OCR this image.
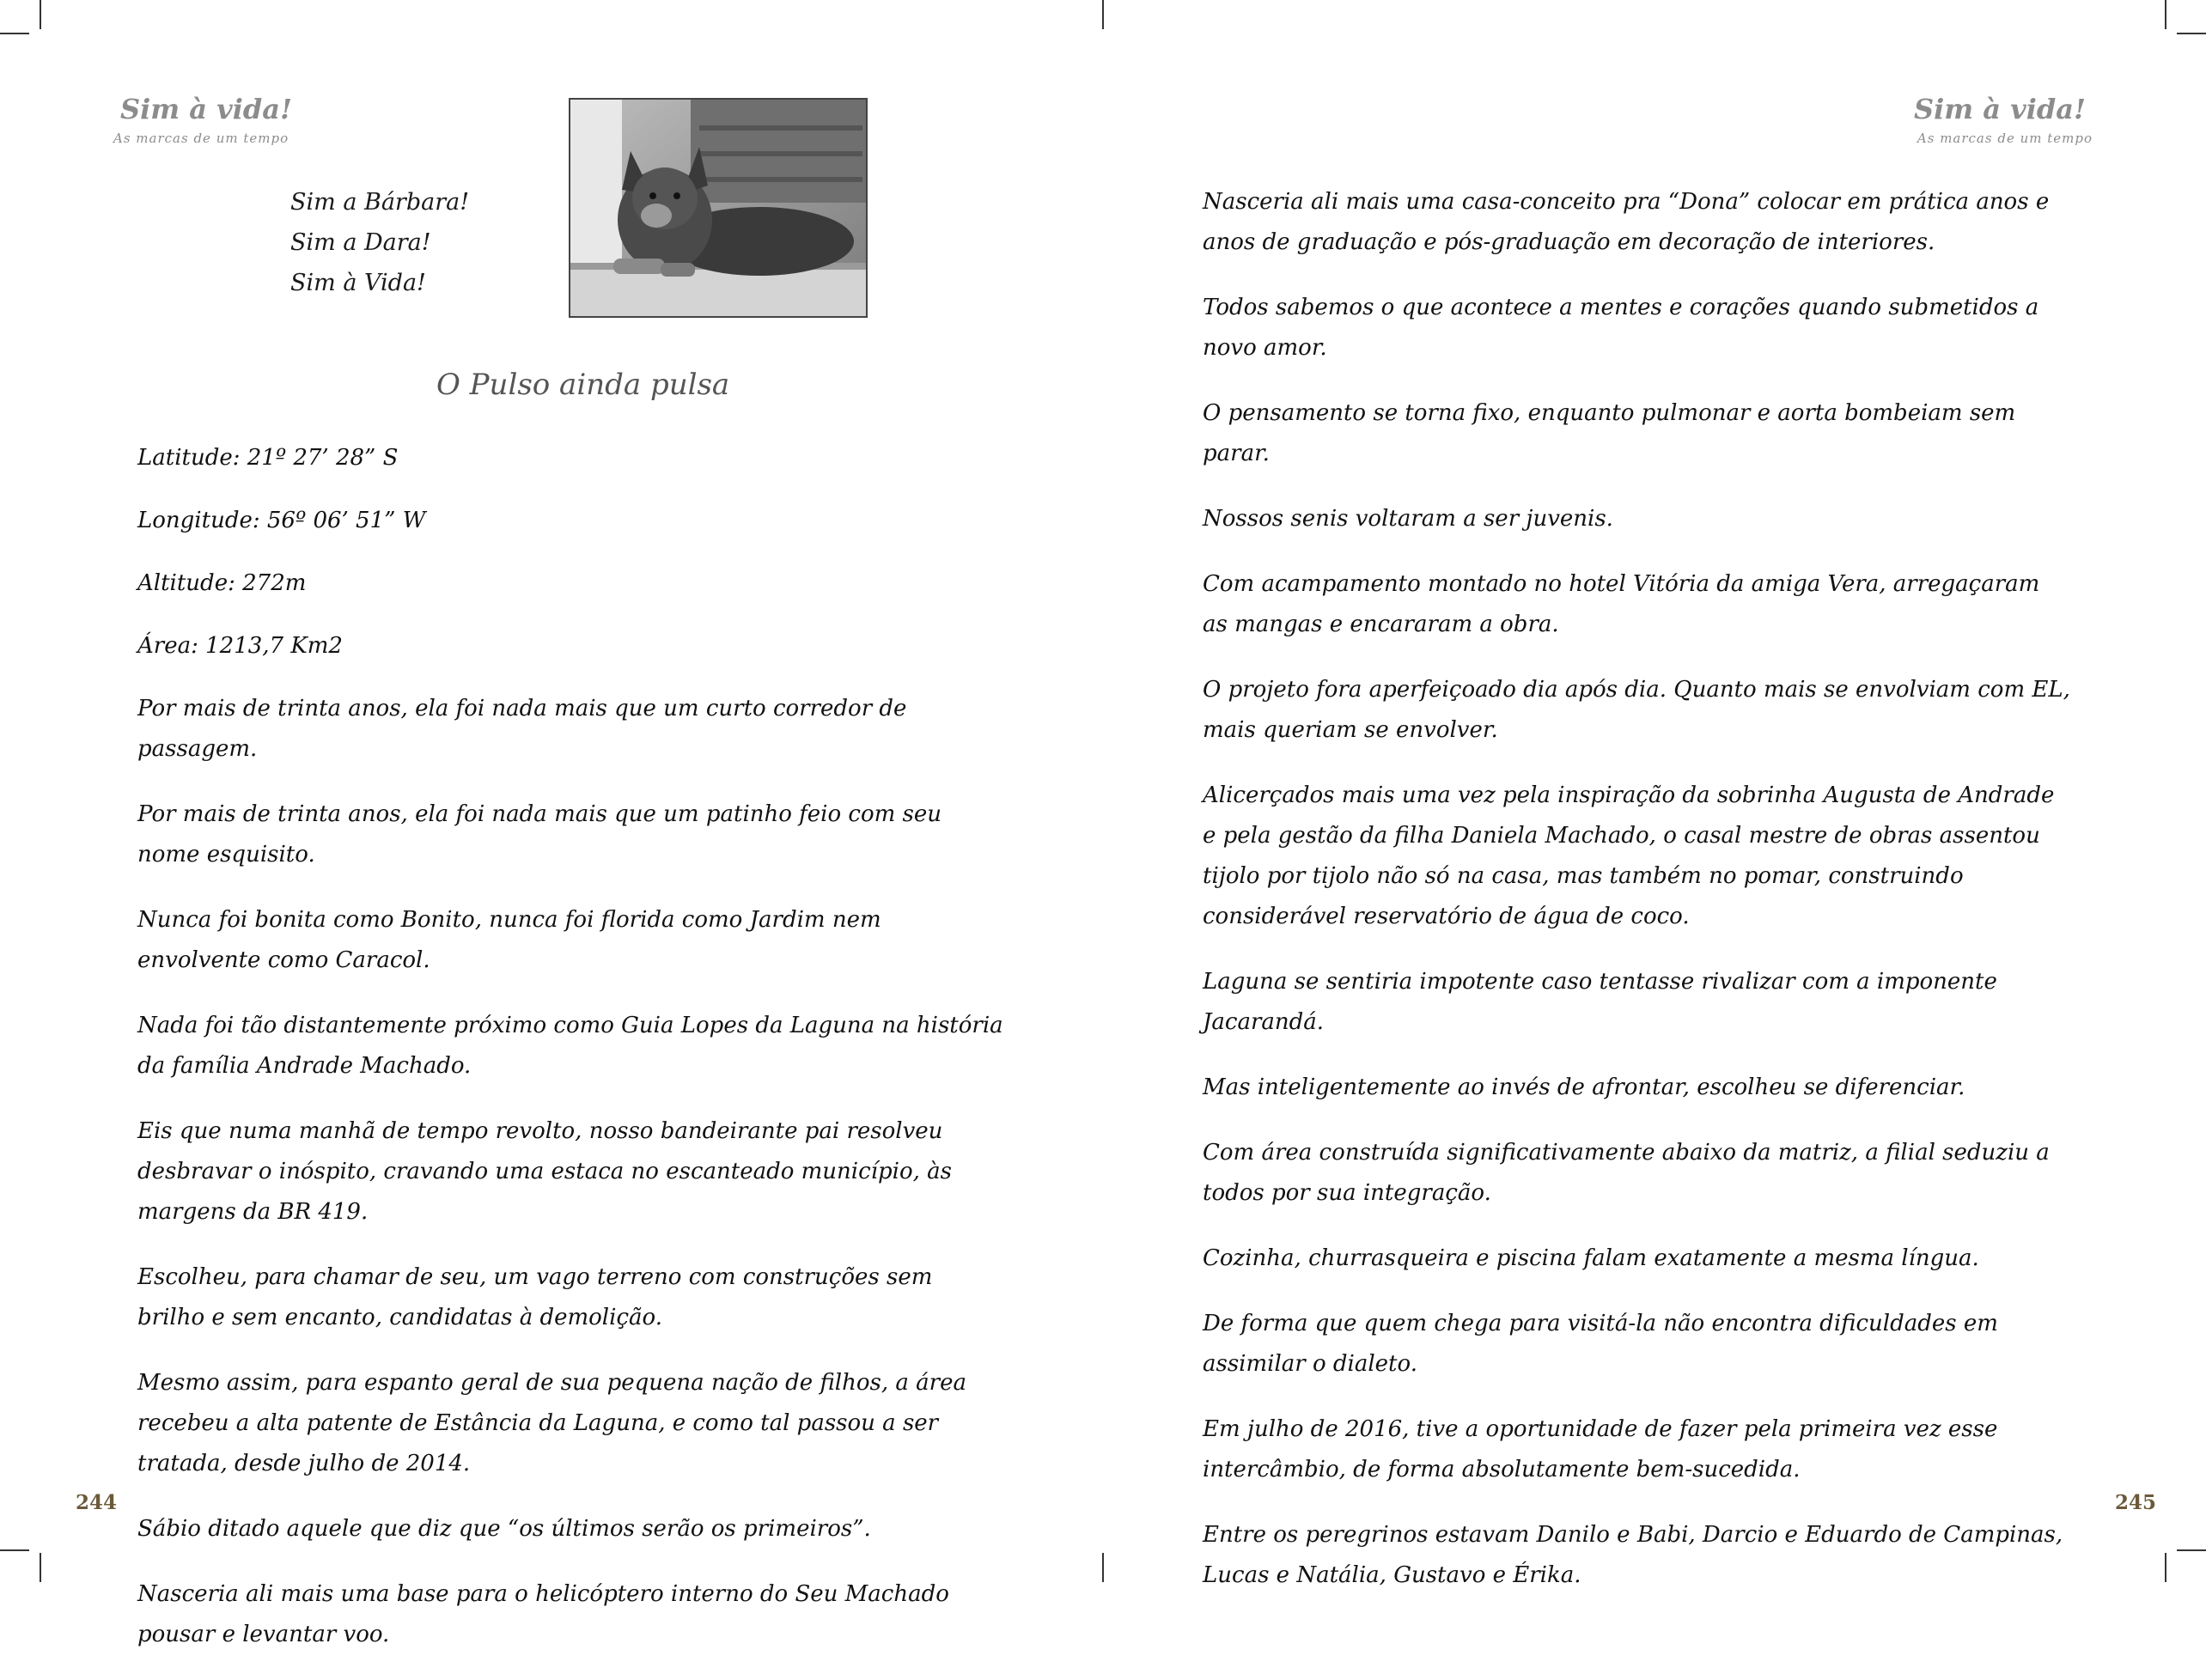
Sim à vida!
As marcas de um tempo
Sim a Bárbara!
Sim a Dara!
Sim à Vida!
O Pulso ainda pulsa

Latitude: 21º 27’ 28” S

Longitude: 56º 06’ 51” W

Altitude: 272m

Área: 1213,7 Km2

Por mais de trinta anos, ela foi nada mais que um curto corredor de passagem.

Por mais de trinta anos, ela foi nada mais que um patinho feio com seu nome esquisito.

Nunca foi bonita como Bonito, nunca foi florida como Jardim nem envolvente como Caracol.

Nada foi tão distantemente próximo como Guia Lopes da Laguna na história da família Andrade Machado.

Eis que numa manhã de tempo revolto, nosso bandeirante pai resolveu desbravar o inóspito, cravando uma estaca no escanteado município, às margens da BR 419.

Escolheu, para chamar de seu, um vago terreno com construções sem brilho e sem encanto, candidatas à demolição.

Mesmo assim, para espanto geral de sua pequena nação de filhos, a área recebeu a alta patente de Estância da Laguna, e como tal passou a ser tratada, desde julho de 2014.

Sábio ditado aquele que diz que “os últimos serão os primeiros”.

Nasceria ali mais uma base para o helicóptero interno do Seu Machado pousar e levantar voo.

244
Sim à vida!
As marcas de um tempo

Nasceria ali mais uma casa-conceito pra “Dona” colocar em prática anos e anos de graduação e pós-graduação em decoração de interiores.

Todos sabemos o que acontece a mentes e corações quando submetidos a novo amor.

O pensamento se torna fixo, enquanto pulmonar e aorta bombeiam sem parar.

Nossos senis voltaram a ser juvenis.

Com acampamento montado no hotel Vitória da amiga Vera, arregaçaram as mangas e encararam a obra.

O projeto fora aperfeiçoado dia após dia. Quanto mais se envolviam com EL, mais queriam se envolver.

Alicerçados mais uma vez pela inspiração da sobrinha Augusta de Andrade e pela gestão da filha Daniela Machado, o casal mestre de obras assentou tijolo por tijolo não só na casa, mas também no pomar, construindo considerável reservatório de água de coco.

Laguna se sentiria impotente caso tentasse rivalizar com a imponente Jacarandá.

Mas inteligentemente ao invés de afrontar, escolheu se diferenciar.

Com área construída significativamente abaixo da matriz, a filial seduziu a todos por sua integração.

Cozinha, churrasqueira e piscina falam exatamente a mesma língua.

De forma que quem chega para visitá-la não encontra dificuldades em assimilar o dialeto.

Em julho de 2016, tive a oportunidade de fazer pela primeira vez esse intercâmbio, de forma absolutamente bem-sucedida.

Entre os peregrinos estavam Danilo e Babi, Darcio e Eduardo de Campinas, Lucas e Natália, Gustavo e Érika.

245
